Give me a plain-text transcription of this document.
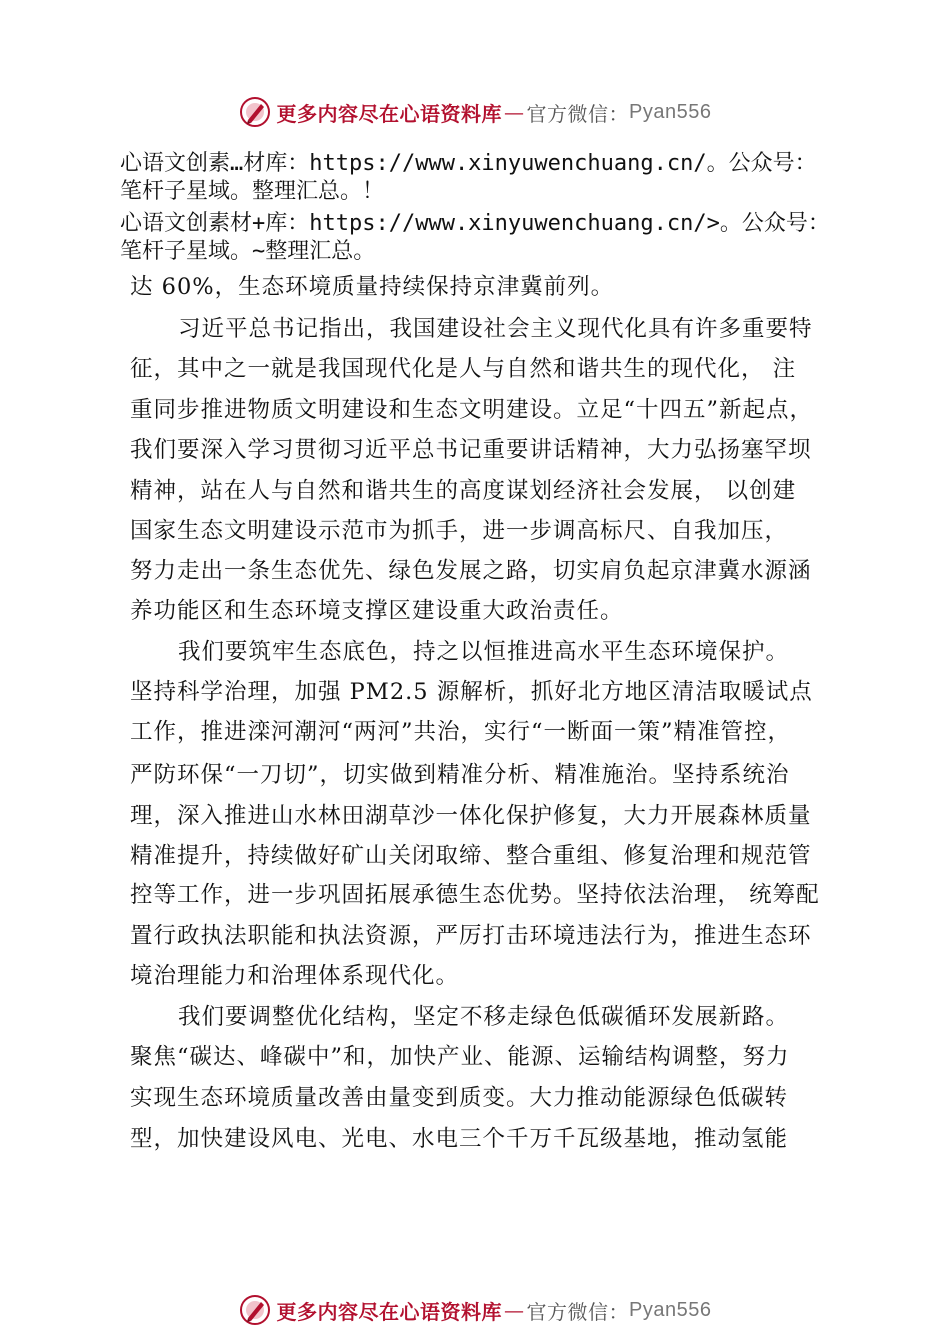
更多内容尽在心语资料库 — 官方微信： Pyan556
心语文创素…材库：https://www.xinyuwenchuang.cn/。公众号：
笔杆子星域。整理汇总。！
心语文创素材+库：https://www.xinyuwenchuang.cn/>。公众号：
笔杆子星域。~整理汇总。
达 60%，生态环境质量持续保持京津冀前列。
习近平总书记指出，我国建设社会主义现代化具有许多重要特
征，其中之一就是我国现代化是人与自然和谐共生的现代化， 注
重同步推进物质文明建设和生态文明建设。立足“十四五”新起点，
我们要深入学习贯彻习近平总书记重要讲话精神，大力弘扬塞罕坝
精神，站在人与自然和谐共生的高度谋划经济社会发展， 以创建
国家生态文明建设示范市为抓手，进一步调高标尺、自我加压，
努力走出一条生态优先、绿色发展之路，切实肩负起京津冀水源涵
养功能区和生态环境支撑区建设重大政治责任。
我们要筑牢生态底色，持之以恒推进高水平生态环境保护。
坚持科学治理，加强 PM2.5 源解析，抓好北方地区清洁取暖试点
工作，推进滦河潮河“两河”共治，实行“一断面一策”精准管控，
严防环保“一刀切”，切实做到精准分析、精准施治。坚持系统治
理，深入推进山水林田湖草沙一体化保护修复，大力开展森林质量
精准提升，持续做好矿山关闭取缔、整合重组、修复治理和规范管
控等工作，进一步巩固拓展承德生态优势。坚持依法治理， 统筹配
置行政执法职能和执法资源，严厉打击环境违法行为，推进生态环
境治理能力和治理体系现代化。
我们要调整优化结构，坚定不移走绿色低碳循环发展新路。
聚焦“碳达、峰碳中”和，加快产业、能源、运输结构调整，努力
实现生态环境质量改善由量变到质变。大力推动能源绿色低碳转
型，加快建设风电、光电、水电三个千万千瓦级基地，推动氢能
更多内容尽在心语资料库 — 官方微信： Pyan556
